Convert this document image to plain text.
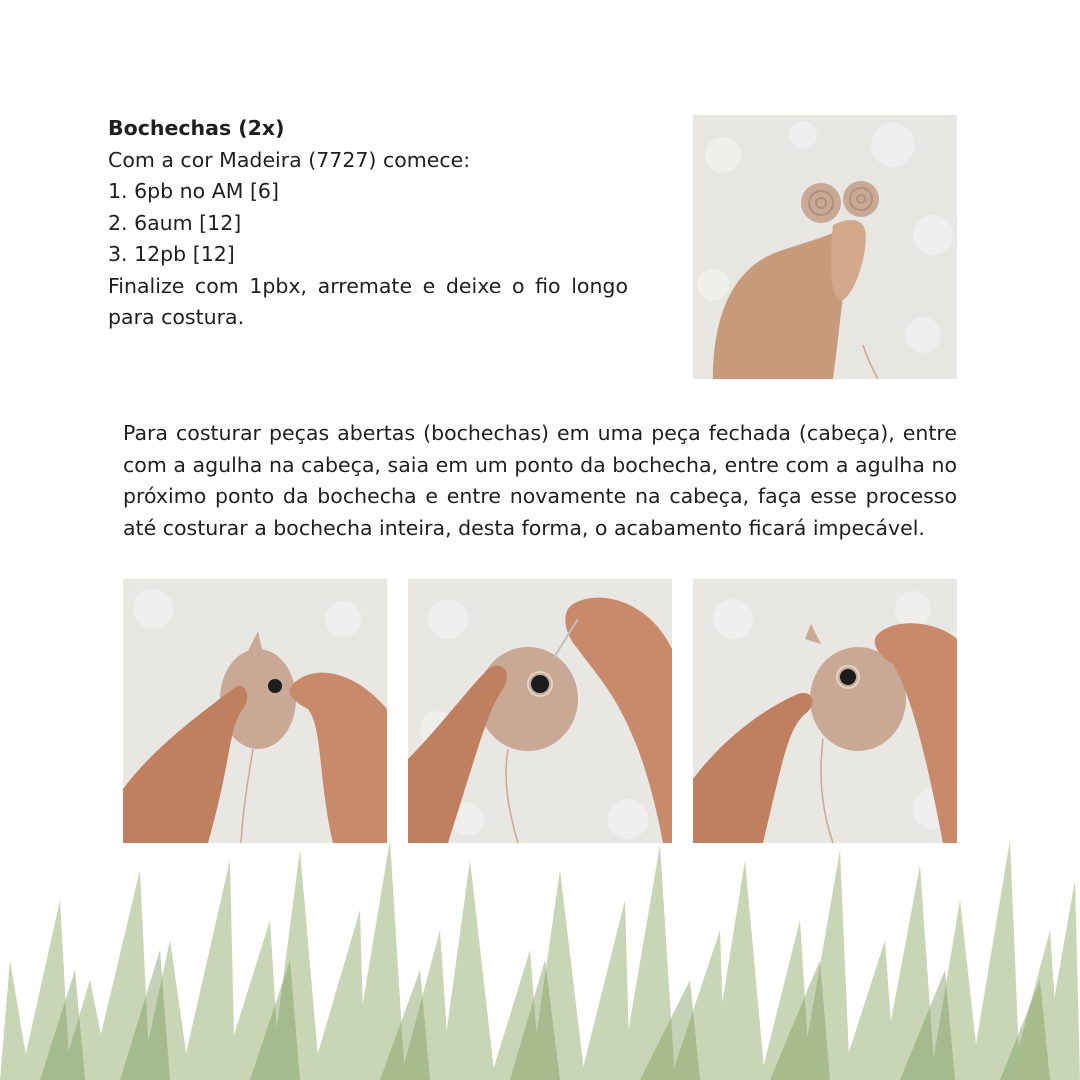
Bochechas (2x)
Com a cor Madeira (7727) comece:
1. 6pb no AM [6]
2. 6aum [12]
3. 12pb [12]
Finalize com 1pbx, arremate e deixe o fio longo para costura.
Para costurar peças abertas (bochechas) em uma peça fechada (cabeça), entre com a agulha na cabeça, saia em um ponto da bochecha, entre com a agulha no próximo ponto da bochecha e entre novamente na cabeça, faça esse processo até costurar a bochecha inteira, desta forma, o acabamento ficará impecável.
